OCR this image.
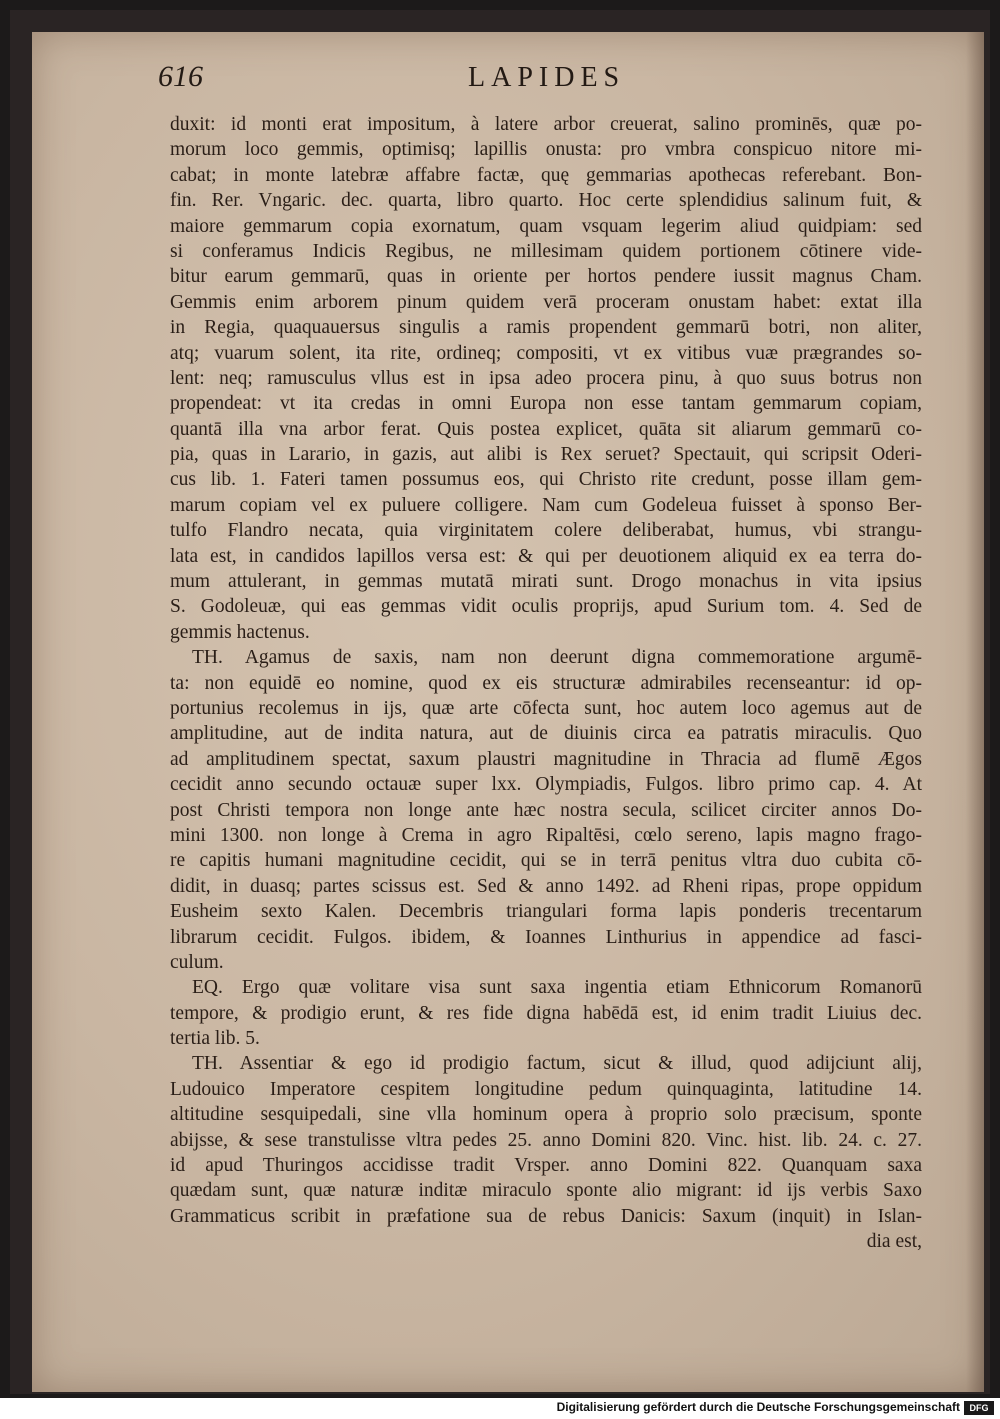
616	LAPIDES
duxit: id monti erat impositum, à latere arbor creuerat, salino prominēs, quæ po-
morum loco gemmis, optimisq; lapillis onusta: pro vmbra conspicuo nitore mi-
cabat; in monte latebræ affabre factæ, quę gemmarias apothecas referebant. Bon-
fin. Rer. Vngaric. dec. quarta, libro quarto. Hoc certe splendidius salinum fuit, &
maiore gemmarum copia exornatum, quam vsquam legerim aliud quidpiam: sed
si conferamus Indicis Regibus, ne millesimam quidem portionem cōtinere vide-
bitur earum gemmarū, quas in oriente per hortos pendere iussit magnus Cham.
Gemmis enim arborem pinum quidem verā proceram onustam habet: extat illa
in Regia, quaquauersus singulis a ramis propendent gemmarū botri, non aliter,
atq; vuarum solent, ita rite, ordineq; compositi, vt ex vitibus vuæ prægrandes so-
lent: neq; ramusculus vllus est in ipsa adeo procera pinu, à quo suus botrus non
propendeat: vt ita credas in omni Europa non esse tantam gemmarum copiam,
quantā illa vna arbor ferat. Quis postea explicet, quāta sit aliarum gemmarū co-
pia, quas in Larario, in gazis, aut alibi is Rex seruet? Spectauit, qui scripsit Oderi-
cus lib. 1. Fateri tamen possumus eos, qui Christo rite credunt, posse illam gem-
marum copiam vel ex puluere colligere. Nam cum Godeleua fuisset à sponso Ber-
tulfo Flandro necata, quia virginitatem colere deliberabat, humus, vbi strangu-
lata est, in candidos lapillos versa est: & qui per deuotionem aliquid ex ea terra do-
mum attulerant, in gemmas mutatā mirati sunt. Drogo monachus in vita ipsius
S. Godoleuæ, qui eas gemmas vidit oculis proprijs, apud Surium tom. 4. Sed de
gemmis hactenus.
TH. Agamus de saxis, nam non deerunt digna commemoratione argumē-
ta: non equidē eo nomine, quod ex eis structuræ admirabiles recenseantur: id op-
portunius recolemus in ijs, quæ arte cōfecta sunt, hoc autem loco agemus aut de
amplitudine, aut de indita natura, aut de diuinis circa ea patratis miraculis. Quo
ad amplitudinem spectat, saxum plaustri magnitudine in Thracia ad flumē Ægos
cecidit anno secundo octauæ super lxx. Olympiadis, Fulgos. libro primo cap. 4. At
post Christi tempora non longe ante hæc nostra secula, scilicet circiter annos Do-
mini 1300. non longe à Crema in agro Ripaltēsi, cœlo sereno, lapis magno frago-
re capitis humani magnitudine cecidit, qui se in terrā penitus vltra duo cubita cō-
didit, in duasq; partes scissus est. Sed & anno 1492. ad Rheni ripas, prope oppidum
Eusheim sexto Kalen. Decembris triangulari forma lapis ponderis trecentarum
librarum cecidit. Fulgos. ibidem, & Ioannes Linthurius in appendice ad fasci-
culum.
EQ. Ergo quæ volitare visa sunt saxa ingentia etiam Ethnicorum Romanorū
tempore, & prodigio erunt, & res fide digna habēdā est, id enim tradit Liuius dec.
tertia lib. 5.
TH. Assentiar & ego id prodigio factum, sicut & illud, quod adijciunt alij,
Ludouico Imperatore cespitem longitudine pedum quinquaginta, latitudine 14.
altitudine sesquipedali, sine vlla hominum opera à proprio solo præcisum, sponte
abijsse, & sese transtulisse vltra pedes 25. anno Domini 820. Vinc. hist. lib. 24. c. 27.
id apud Thuringos accidisse tradit Vrsper. anno Domini 822. Quanquam saxa
quædam sunt, quæ naturæ inditæ miraculo sponte alio migrant: id ijs verbis Saxo
Grammaticus scribit in præfatione sua de rebus Danicis: Saxum (inquit) in Islan-
dia est,
Digitalisierung gefördert durch die Deutsche Forschungsgemeinschaft	DFG
